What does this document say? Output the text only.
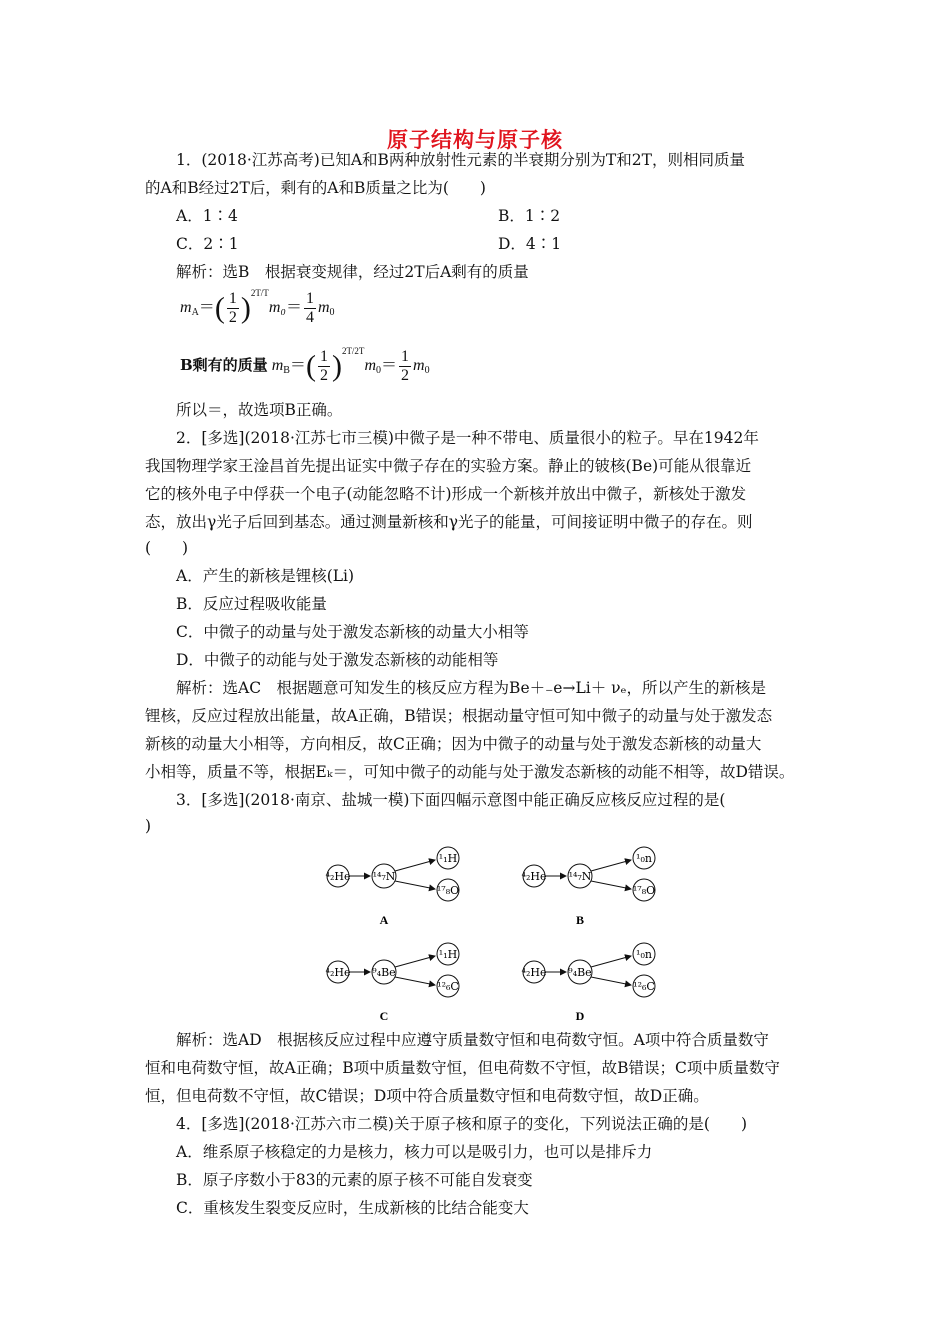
原子结构与原子核
1．(2018·江苏高考)已知A和B两种放射性元素的半衰期分别为T和2T，则相同质量
的A和B经过2T后，剩有的A和B质量之比为(　　)
A．1∶4	B．1∶2
C．2∶1	D．4∶1
解析：选B　根据衰变规律，经过2T后A剩有的质量
$m_A=( \frac{1}{2} )^{2T/T}m_0= \frac{1}{4} m_0$
B剩有的质量 $m_B=( \frac{1}{2} )^{2T/2T}m_0= \frac{1}{2} m_0$
所以＝，故选项B正确。
2．[多选](2018·江苏七市三模)中微子是一种不带电、质量很小的粒子。早在1942年
我国物理学家王淦昌首先提出证实中微子存在的实验方案。静止的铍核(Be)可能从很靠近
它的核外电子中俘获一个电子(动能忽略不计)形成一个新核并放出中微子，新核处于激发
态，放出γ光子后回到基态。通过测量新核和γ光子的能量，可间接证明中微子的存在。则
(　　)
A．产生的新核是锂核(Li)
B．反应过程吸收能量
C．中微子的动量与处于激发态新核的动量大小相等
D．中微子的动能与处于激发态新核的动能相等
解析：选AC　根据题意可知发生的核反应方程为Be＋₋e→Li＋ νₑ，所以产生的新核是
锂核，反应过程放出能量，故A正确，B错误；根据动量守恒可知中微子的动量与处于激发态
新核的动量大小相等，方向相反，故C正确；因为中微子的动量与处于激发态新核的动量大
小相等，质量不等，根据Eₖ＝，可知中微子的动能与处于激发态新核的动能不相等，故D错误。
3．[多选](2018·南京、盐城一模)下面四幅示意图中能正确反应核反应过程的是(
)
⁴₂He ¹⁴₇N
¹₁H
¹⁷₈O
A
⁴₂He ¹⁴₇N
¹₀n
¹⁷₈O
B
⁴₂He ⁹₄Be
¹₁H
¹²₆C
C
⁴₂He ⁹₄Be
¹₀n
¹²₆C
D
解析：选AD　根据核反应过程中应遵守质量数守恒和电荷数守恒。A项中符合质量数守
恒和电荷数守恒，故A正确；B项中质量数守恒，但电荷数不守恒，故B错误；C项中质量数守
恒，但电荷数不守恒，故C错误；D项中符合质量数守恒和电荷数守恒，故D正确。
4．[多选](2018·江苏六市二模)关于原子核和原子的变化，下列说法正确的是(　　)
A．维系原子核稳定的力是核力，核力可以是吸引力，也可以是排斥力
B．原子序数小于83的元素的原子核不可能自发衰变
C．重核发生裂变反应时，生成新核的比结合能变大
